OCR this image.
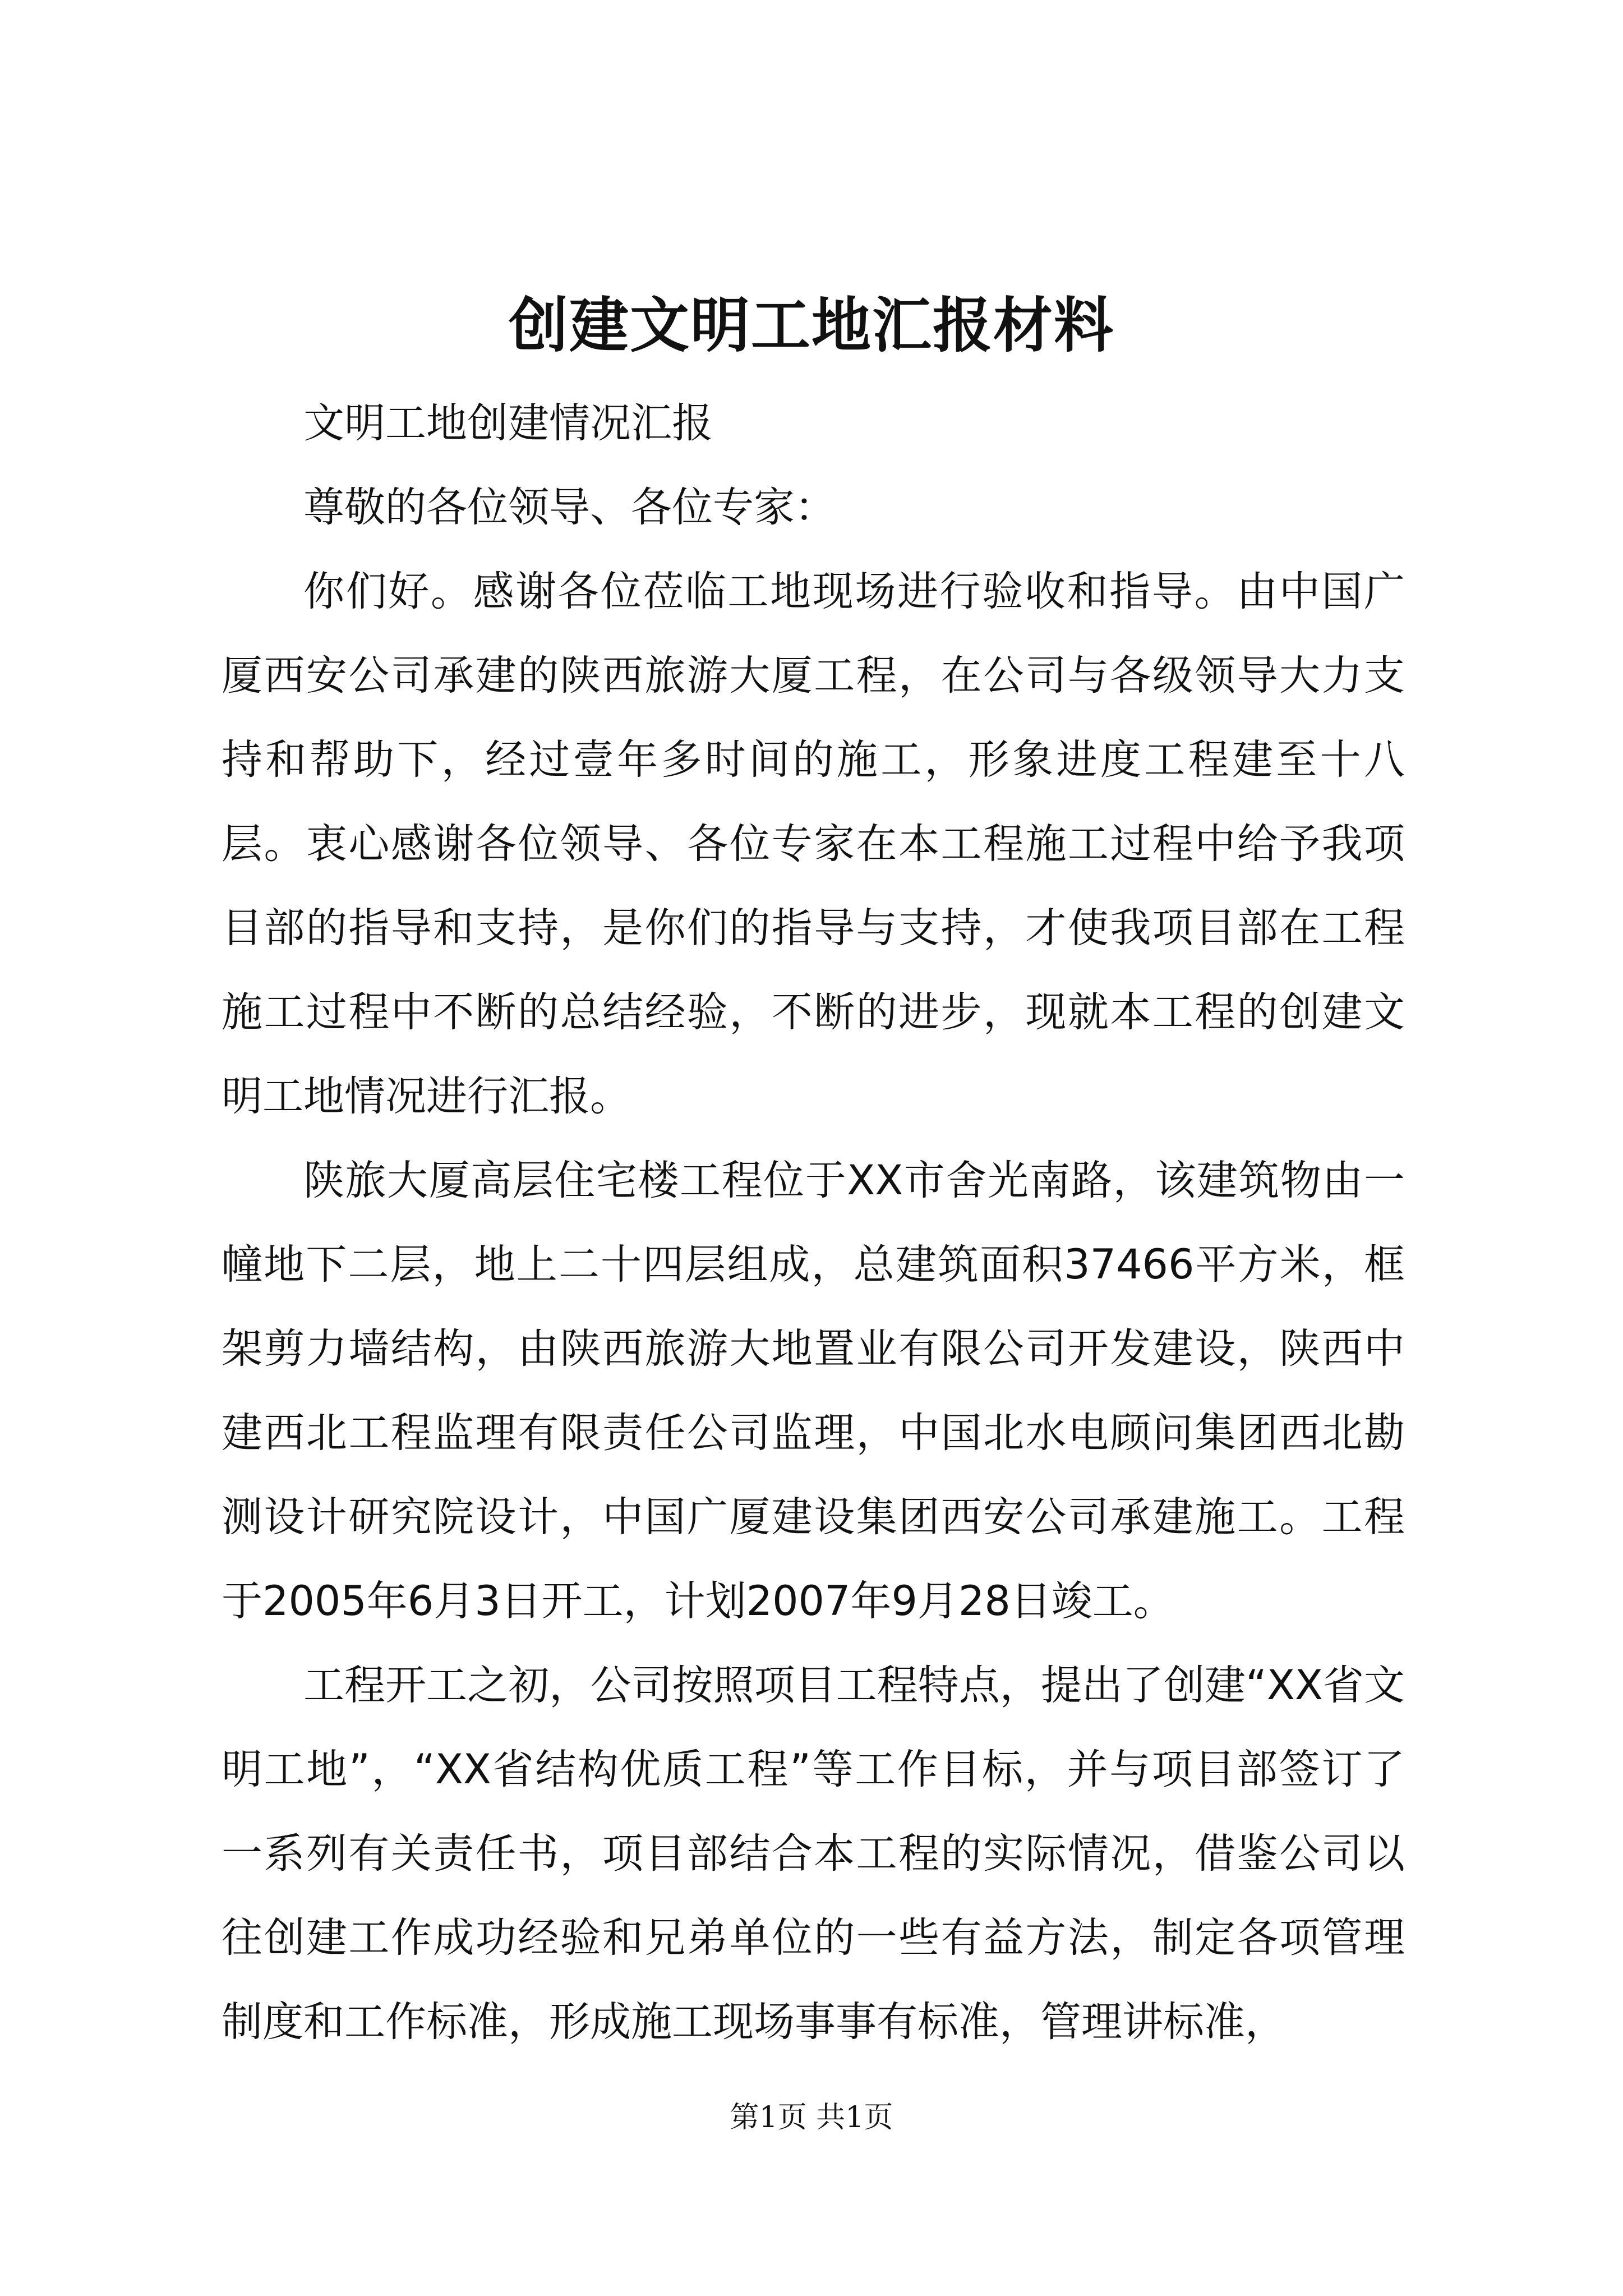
创建文明工地汇报材料

文明工地创建情况汇报

尊敬的各位领导、各位专家：

你们好。感谢各位莅临工地现场进行验收和指导。由中国广厦西安公司承建的陕西旅游大厦工程，在公司与各级领导大力支持和帮助下，经过壹年多时间的施工，形象进度工程建至十八层。衷心感谢各位领导、各位专家在本工程施工过程中给予我项目部的指导和支持，是你们的指导与支持，才使我项目部在工程施工过程中不断的总结经验，不断的进步，现就本工程的创建文明工地情况进行汇报。

陕旅大厦高层住宅楼工程位于XX市舍光南路，该建筑物由一幢地下二层，地上二十四层组成，总建筑面积37466平方米，框架剪力墙结构，由陕西旅游大地置业有限公司开发建设，陕西中建西北工程监理有限责任公司监理，中国北水电顾问集团西北勘测设计研究院设计，中国广厦建设集团西安公司承建施工。工程于2005年6月3日开工，计划2007年9月28日竣工。

工程开工之初，公司按照项目工程特点，提出了创建“XX省文明工地”，“XX省结构优质工程”等工作目标，并与项目部签订了一系列有关责任书，项目部结合本工程的实际情况，借鉴公司以往创建工作成功经验和兄弟单位的一些有益方法，制定各项管理制度和工作标准，形成施工现场事事有标准，管理讲标准，

第1页 共1页
